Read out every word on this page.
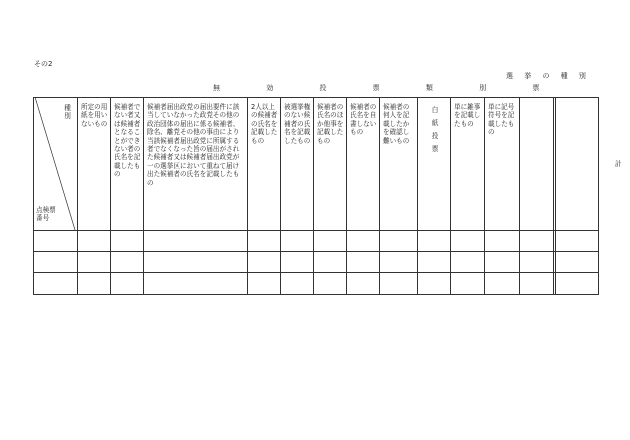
その2
選 挙 の 種 別
無 効 投 票 類 別 票
種別
点検票番号
所定の用紙を用いないもの
候補者でない者又は候補者となることができない者の氏名を記載したもの
候補者届出政党の届出要件に該当していなかった政党その他の政治団体の届出に係る候補者、除名、離党その他の事由により当該候補者届出政党に所属する者でなくなった旨の届出がされた候補者又は候補者届出政党が一の選挙区において重ねて届け出た候補者の氏名を記載したもの
2人以上の候補者の氏名を記載したもの
被選挙権のない候補者の氏名を記載したもの
候補者の氏名のほか他事を記載したもの
候補者の氏名を自書しないもの
候補者の何人を記載したかを確認し難いもの
白紙投票
単に雑事を記載したもの
単に記号符号を記載したもの
計
